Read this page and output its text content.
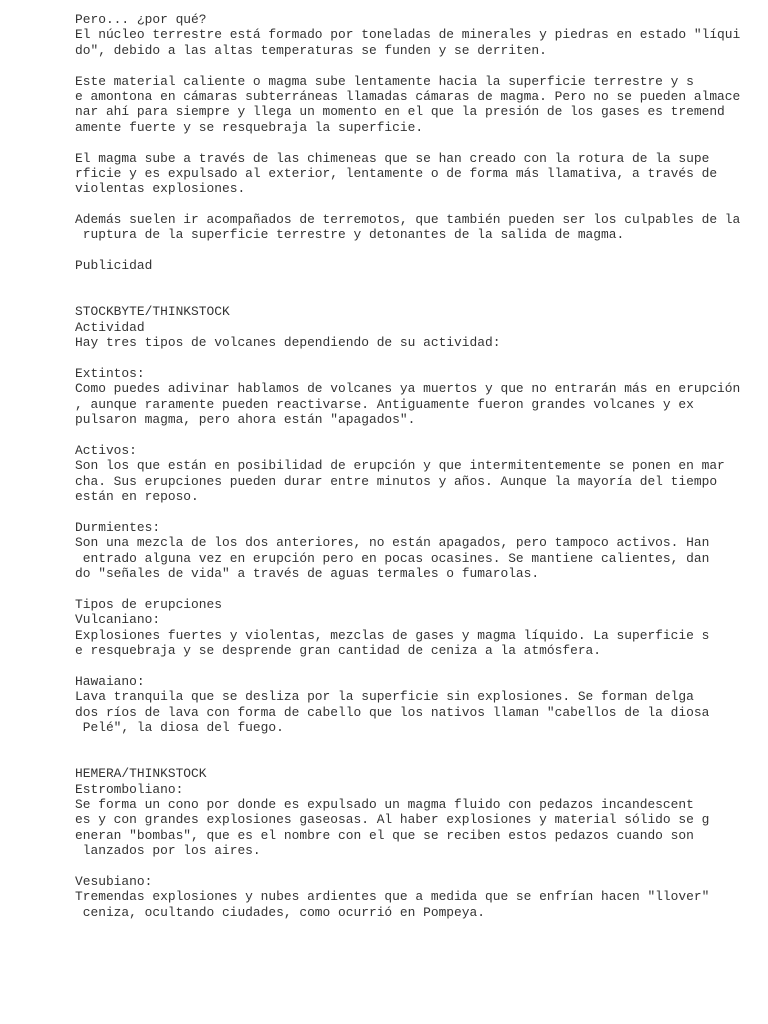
Pero... ¿por qué?
El núcleo terrestre está formado por toneladas de minerales y piedras en estado "líqui
do", debido a las altas temperaturas se funden y se derriten.
Este material caliente o magma sube lentamente hacia la superficie terrestre y s
e amontona en cámaras subterráneas llamadas cámaras de magma. Pero no se pueden almace
nar ahí para siempre y llega un momento en el que la presión de los gases es tremend
amente fuerte y se resquebraja la superficie.
El magma sube a través de las chimeneas que se han creado con la rotura de la supe
rficie y es expulsado al exterior, lentamente o de forma más llamativa, a través de
violentas explosiones.
Además suelen ir acompañados de terremotos, que también pueden ser los culpables de la
ruptura de la superficie terrestre y detonantes de la salida de magma.
Publicidad
STOCKBYTE/THINKSTOCK
Actividad
Hay tres tipos de volcanes dependiendo de su actividad:
Extintos:
Como puedes adivinar hablamos de volcanes ya muertos y que no entrarán más en erupción
, aunque raramente pueden reactivarse. Antiguamente fueron grandes volcanes y ex
pulsaron magma, pero ahora están "apagados".
Activos:
Son los que están en posibilidad de erupción y que intermitentemente se ponen en mar
cha. Sus erupciones pueden durar entre minutos y años. Aunque la mayoría del tiempo
están en reposo.
Durmientes:
Son una mezcla de los dos anteriores, no están apagados, pero tampoco activos. Han
entrado alguna vez en erupción pero en pocas ocasines. Se mantiene calientes, dan
do "señales de vida" a través de aguas termales o fumarolas.
Tipos de erupciones
Vulcaniano:
Explosiones fuertes y violentas, mezclas de gases y magma líquido. La superficie s
e resquebraja y se desprende gran cantidad de ceniza a la atmósfera.
Hawaiano:
Lava tranquila que se desliza por la superficie sin explosiones. Se forman delga
dos ríos de lava con forma de cabello que los nativos llaman "cabellos de la diosa
Pelé", la diosa del fuego.
HEMERA/THINKSTOCK
Estromboliano:
Se forma un cono por donde es expulsado un magma fluido con pedazos incandescent
es y con grandes explosiones gaseosas. Al haber explosiones y material sólido se g
eneran "bombas", que es el nombre con el que se reciben estos pedazos cuando son
lanzados por los aires.
Vesubiano:
Tremendas explosiones y nubes ardientes que a medida que se enfrían hacen "llover"
ceniza, ocultando ciudades, como ocurrió en Pompeya.
